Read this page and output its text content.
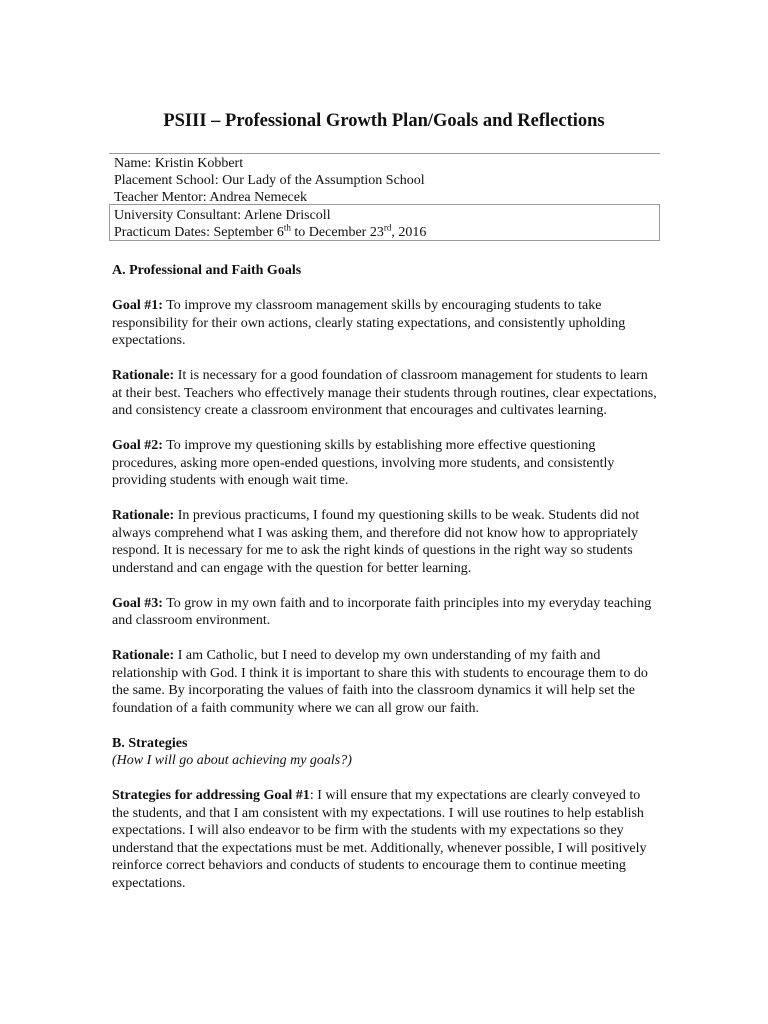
PSIII – Professional Growth Plan/Goals and Reflections
Name: Kristin Kobbert
Placement School: Our Lady of the Assumption School
Teacher Mentor: Andrea Nemecek
University Consultant: Arlene Driscoll
Practicum Dates: September 6th to December 23rd, 2016

A. Professional and Faith Goals

Goal #1: To improve my classroom management skills by encouraging students to take responsibility for their own actions, clearly stating expectations, and consistently upholding expectations.

Rationale: It is necessary for a good foundation of classroom management for students to learn at their best. Teachers who effectively manage their students through routines, clear expectations, and consistency create a classroom environment that encourages and cultivates learning.

Goal #2: To improve my questioning skills by establishing more effective questioning procedures, asking more open-ended questions, involving more students, and consistently providing students with enough wait time.

Rationale: In previous practicums, I found my questioning skills to be weak. Students did not always comprehend what I was asking them, and therefore did not know how to appropriately respond. It is necessary for me to ask the right kinds of questions in the right way so students understand and can engage with the question for better learning.

Goal #3: To grow in my own faith and to incorporate faith principles into my everyday teaching and classroom environment.

Rationale: I am Catholic, but I need to develop my own understanding of my faith and relationship with God. I think it is important to share this with students to encourage them to do the same. By incorporating the values of faith into the classroom dynamics it will help set the foundation of a faith community where we can all grow our faith.

B. Strategies

(How I will go about achieving my goals?)

Strategies for addressing Goal #1: I will ensure that my expectations are clearly conveyed to the students, and that I am consistent with my expectations. I will use routines to help establish expectations. I will also endeavor to be firm with the students with my expectations so they understand that the expectations must be met. Additionally, whenever possible, I will positively reinforce correct behaviors and conducts of students to encourage them to continue meeting expectations.
